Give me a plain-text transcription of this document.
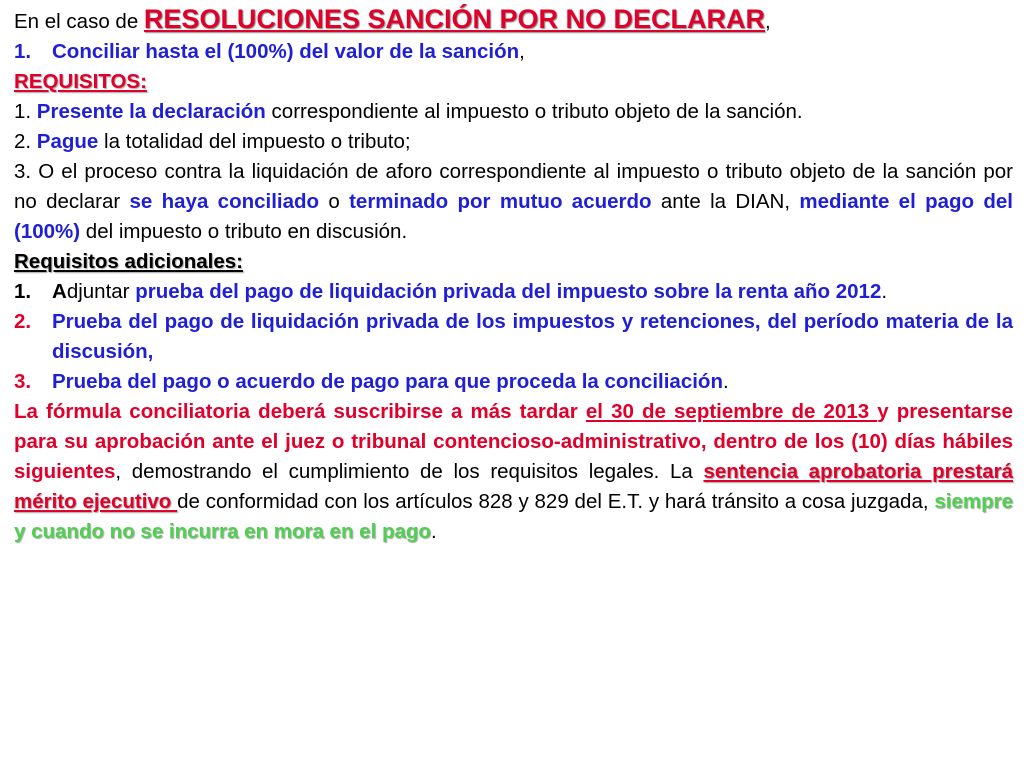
En el caso de RESOLUCIONES SANCIÓN POR NO DECLARAR,

1. Conciliar hasta el (100%) del valor de la sanción,

REQUISITOS:

1. Presente la declaración correspondiente al impuesto o tributo objeto de la sanción.

2. Pague la totalidad del impuesto o tributo;

3. O el proceso contra la liquidación de aforo correspondiente al impuesto o tributo objeto de la sanción por no declarar se haya conciliado o terminado por mutuo acuerdo ante la DIAN, mediante el pago del (100%) del impuesto o tributo en discusión.

Requisitos adicionales:

1. Adjuntar prueba del pago de liquidación privada del impuesto sobre la renta año 2012.

2. Prueba del pago de liquidación privada de los impuestos y retenciones, del período materia de la discusión,

3. Prueba del pago o acuerdo de pago para que proceda la conciliación.

La fórmula conciliatoria deberá suscribirse a más tardar el 30 de septiembre de 2013 y presentarse para su aprobación ante el juez o tribunal contencioso-administrativo, dentro de los (10) días hábiles siguientes, demostrando el cumplimiento de los requisitos legales. La sentencia aprobatoria prestará mérito ejecutivo de conformidad con los artículos 828 y 829 del E.T. y hará tránsito a cosa juzgada, siempre y cuando no se incurra en mora en el pago.
